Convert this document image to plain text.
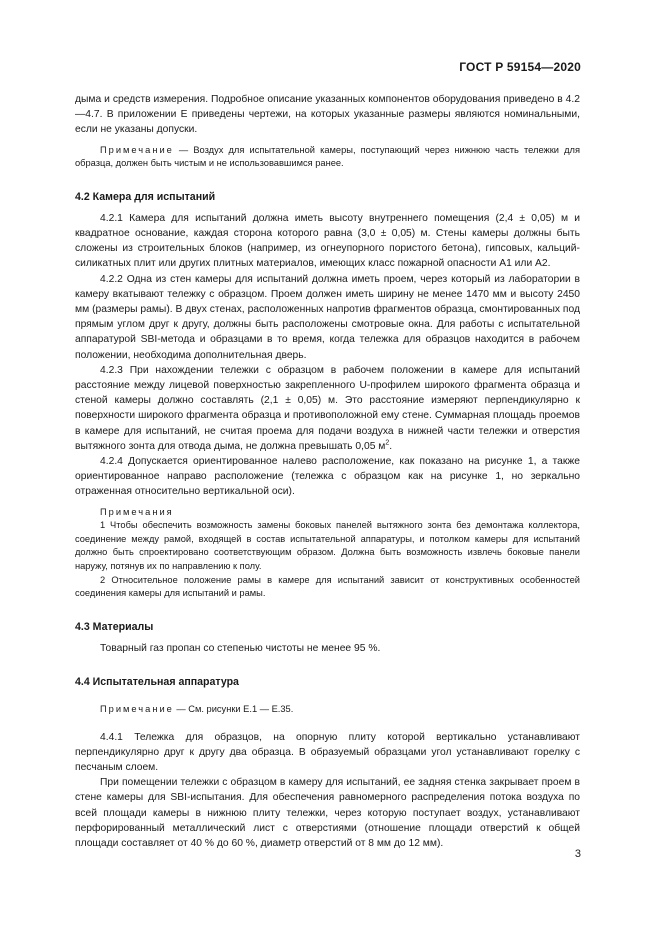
ГОСТ Р 59154—2020

дыма и средств измерения. Подробное описание указанных компонентов оборудования приведено в 4.2—4.7. В приложении Е приведены чертежи, на которых указанные размеры являются номинальными, если не указаны допуски.

Примечание — Воздух для испытательной камеры, поступающий через нижнюю часть тележки для образца, должен быть чистым и не использовавшимся ранее.

4.2 Камера для испытаний

4.2.1 Камера для испытаний должна иметь высоту внутреннего помещения (2,4 ± 0,05) м и квадратное основание, каждая сторона которого равна (3,0 ± 0,05) м. Стены камеры должны быть сложены из строительных блоков (например, из огнеупорного пористого бетона), гипсовых, кальций-силикатных плит или других плитных материалов, имеющих класс пожарной опасности А1 или А2.

4.2.2 Одна из стен камеры для испытаний должна иметь проем, через который из лаборатории в камеру вкатывают тележку с образцом. Проем должен иметь ширину не менее 1470 мм и высоту 2450 мм (размеры рамы). В двух стенах, расположенных напротив фрагментов образца, смонтированных под прямым углом друг к другу, должны быть расположены смотровые окна. Для работы с испытательной аппаратурой SBI-метода и образцами в то время, когда тележка для образцов находится в рабочем положении, необходима дополнительная дверь.

4.2.3 При нахождении тележки с образцом в рабочем положении в камере для испытаний расстояние между лицевой поверхностью закрепленного U-профилем широкого фрагмента образца и стеной камеры должно составлять (2,1 ± 0,05) м. Это расстояние измеряют перпендикулярно к поверхности широкого фрагмента образца и противоположной ему стене. Суммарная площадь проемов в камере для испытаний, не считая проема для подачи воздуха в нижней части тележки и отверстия вытяжного зонта для отвода дыма, не должна превышать 0,05 $м^2$.

4.2.4 Допускается ориентированное налево расположение, как показано на рисунке 1, а также ориентированное направо расположение (тележка с образцом как на рисунке 1, но зеркально отраженная относительно вертикальной оси).

Примечания

1 Чтобы обеспечить возможность замены боковых панелей вытяжного зонта без демонтажа коллектора, соединение между рамой, входящей в состав испытательной аппаратуры, и потолком камеры для испытаний должно быть спроектировано соответствующим образом. Должна быть возможность извлечь боковые панели наружу, потянув их по направлению к полу.

2 Относительное положение рамы в камере для испытаний зависит от конструктивных особенностей соединения камеры для испытаний и рамы.

4.3 Материалы

Товарный газ пропан со степенью чистоты не менее 95 %.

4.4 Испытательная аппаратура

Примечание — См. рисунки Е.1 — Е.35.

4.4.1 Тележка для образцов, на опорную плиту которой вертикально устанавливают перпендикулярно друг к другу два образца. В образуемый образцами угол устанавливают горелку с песчаным слоем.

При помещении тележки с образцом в камеру для испытаний, ее задняя стенка закрывает проем в стене камеры для SBI-испытания. Для обеспечения равномерного распределения потока воздуха по всей площади камеры в нижнюю плиту тележки, через которую поступает воздух, устанавливают перфорированный металлический лист с отверстиями (отношение площади отверстий к общей площади составляет от 40 % до 60 %, диаметр отверстий от 8 мм до 12 мм).

3
